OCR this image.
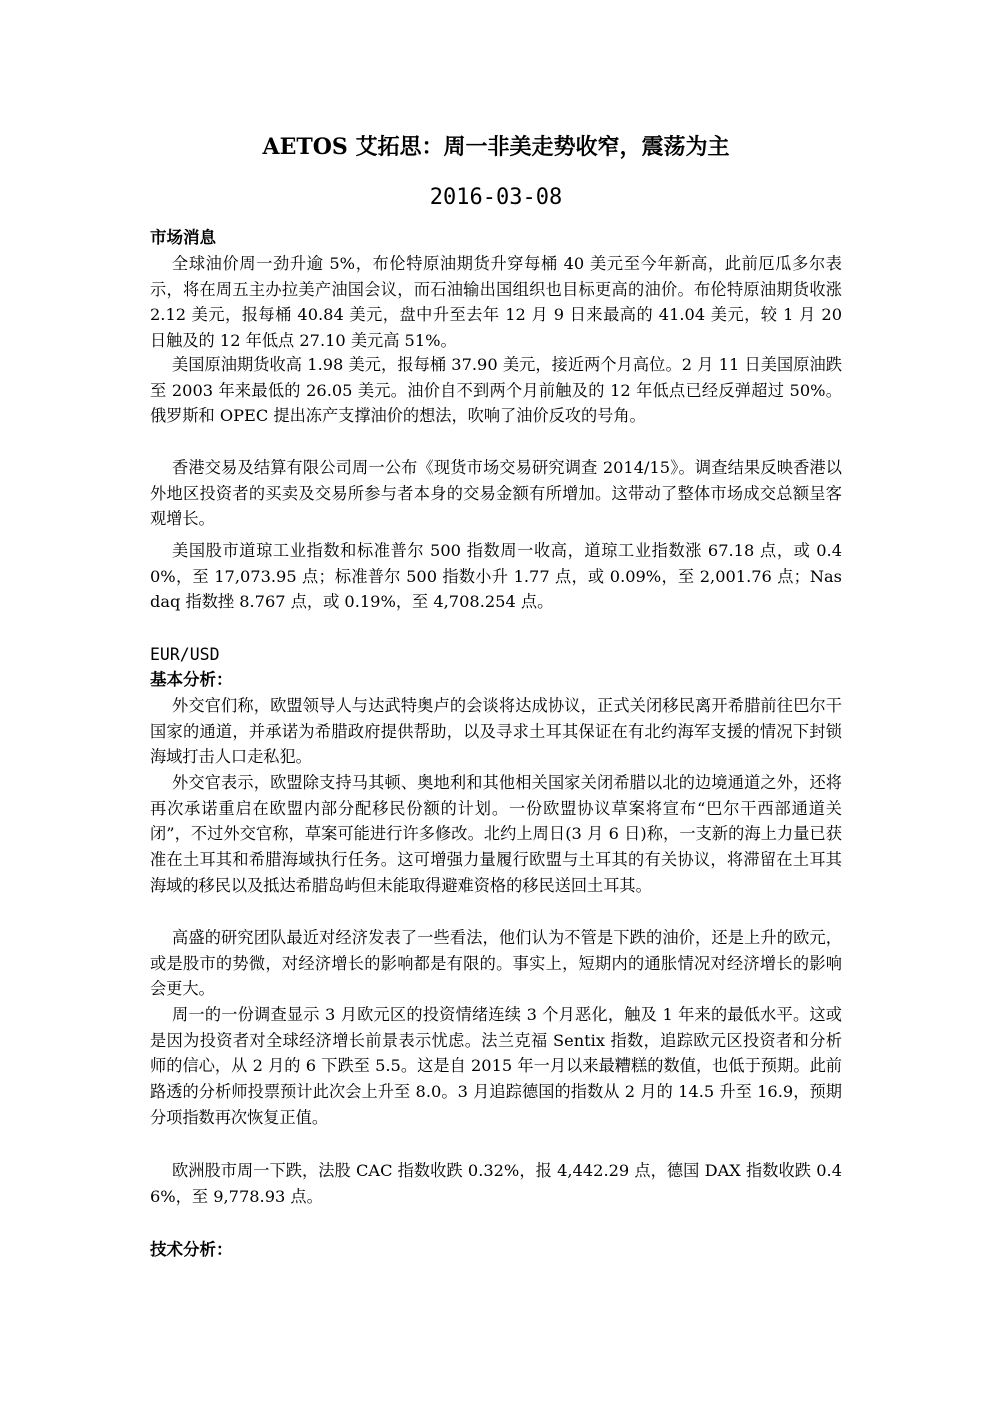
AETOS 艾拓思：周一非美走势收窄，震荡为主
2016-03-08
市场消息

全球油价周一劲升逾 5%，布伦特原油期货升穿每桶 40 美元至今年新高，此前厄瓜多尔表示，将在周五主办拉美产油国会议，而石油输出国组织也目标更高的油价。布伦特原油期货收涨 2.12 美元，报每桶 40.84 美元，盘中升至去年 12 月 9 日来最高的 41.04 美元，较 1 月 20 日触及的 12 年低点 27.10 美元高 51%。

美国原油期货收高 1.98 美元，报每桶 37.90 美元，接近两个月高位。2 月 11 日美国原油跌至 2003 年来最低的 26.05 美元。油价自不到两个月前触及的 12 年低点已经反弹超过 50%。俄罗斯和 OPEC 提出冻产支撑油价的想法，吹响了油价反攻的号角。

香港交易及结算有限公司周一公布《现货市场交易研究调查 2014/15》。调查结果反映香港以外地区投资者的买卖及交易所参与者本身的交易金额有所增加。这带动了整体市场成交总额呈客观增长。

美国股市道琼工业指数和标准普尔 500 指数周一收高，道琼工业指数涨 67.18 点，或 0.40%，至 17,073.95 点；标准普尔 500 指数小升 1.77 点，或 0.09%，至 2,001.76 点；Nasdaq 指数挫 8.767 点，或 0.19%，至 4,708.254 点。

EUR/USD
基本分析：

外交官们称，欧盟领导人与达武特奥卢的会谈将达成协议，正式关闭移民离开希腊前往巴尔干国家的通道，并承诺为希腊政府提供帮助，以及寻求土耳其保证在有北约海军支援的情况下封锁海域打击人口走私犯。

外交官表示，欧盟除支持马其顿、奥地利和其他相关国家关闭希腊以北的边境通道之外，还将再次承诺重启在欧盟内部分配移民份额的计划。一份欧盟协议草案将宣布“巴尔干西部通道关闭”，不过外交官称，草案可能进行许多修改。北约上周日(3 月 6 日)称，一支新的海上力量已获准在土耳其和希腊海域执行任务。这可增强力量履行欧盟与土耳其的有关协议，将滞留在土耳其海域的移民以及抵达希腊岛屿但未能取得避难资格的移民送回土耳其。

高盛的研究团队最近对经济发表了一些看法，他们认为不管是下跌的油价，还是上升的欧元，或是股市的势微，对经济增长的影响都是有限的。事实上，短期内的通胀情况对经济增长的影响会更大。

周一的一份调查显示 3 月欧元区的投资情绪连续 3 个月恶化，触及 1 年来的最低水平。这或是因为投资者对全球经济增长前景表示忧虑。法兰克福 Sentix 指数，追踪欧元区投资者和分析师的信心，从 2 月的 6 下跌至 5.5。这是自 2015 年一月以来最糟糕的数值，也低于预期。此前路透的分析师投票预计此次会上升至 8.0。3 月追踪德国的指数从 2 月的 14.5 升至 16.9，预期分项指数再次恢复正值。

欧洲股市周一下跌，法股 CAC 指数收跌 0.32%，报 4,442.29 点，德国 DAX 指数收跌 0.46%，至 9,778.93 点。

技术分析：
